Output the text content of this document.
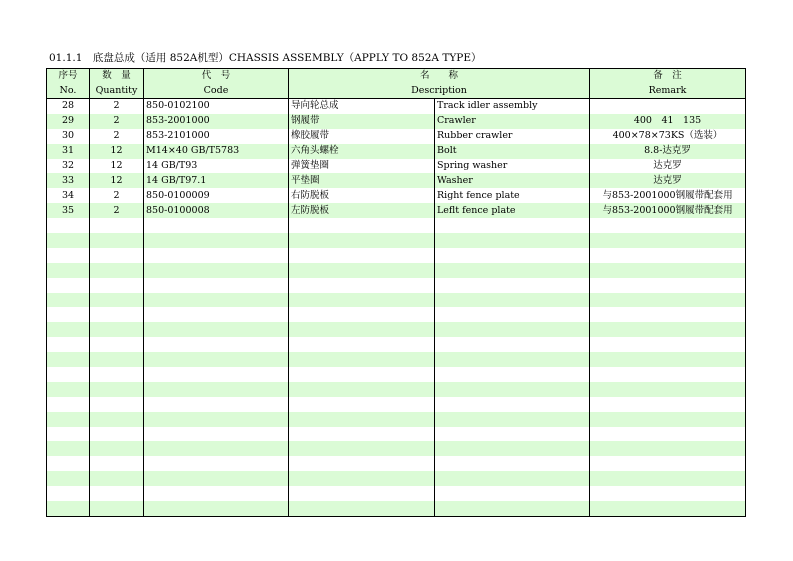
01.1.1　底盘总成（适用 852A机型）CHASSIS ASSEMBLY（APPLY TO 852A TYPE）
序号	数　量	代　号	名　　称		备　注
No.	Quantity	Code	Description		Remark
28	2	850-0102100	导向轮总成	Track idler assembly	
29	2	853-2001000	钢履带	Crawler	400　41　135
30	2	853-2101000	橡胶履带	Rubber crawler	400×78×73KS（选装）
31	12	M14×40 GB/T5783	六角头螺栓	Bolt	8.8-达克罗
32	12	14 GB/T93	弹簧垫圈	Spring washer	达克罗
33	12	14 GB/T97.1	平垫圈	Washer	达克罗
34	2	850-0100009	右防脱板	Right fence plate	与853-2001000钢履带配套用
35	2	850-0100008	左防脱板	Leflt fence plate	与853-2001000钢履带配套用
